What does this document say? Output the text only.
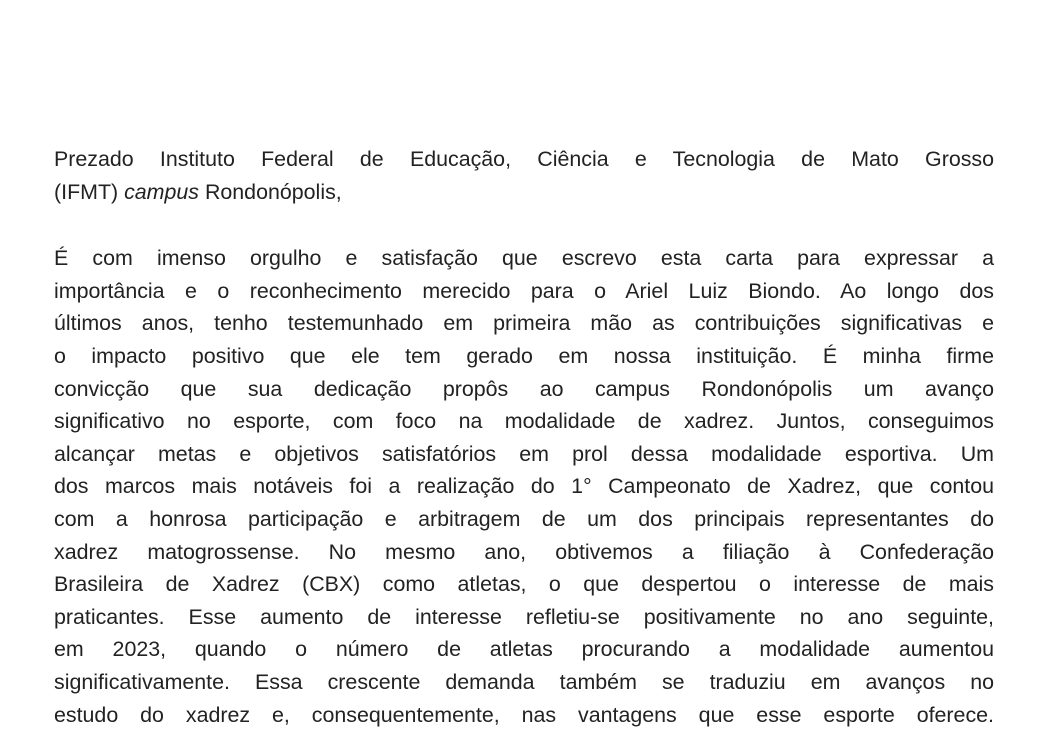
Prezado Instituto Federal de Educação, Ciência e Tecnologia de Mato Grosso
(IFMT) campus Rondonópolis,
É com imenso orgulho e satisfação que escrevo esta carta para expressar a
importância e o reconhecimento merecido para o Ariel Luiz Biondo. Ao longo dos
últimos anos, tenho testemunhado em primeira mão as contribuições significativas e
o impacto positivo que ele tem gerado em nossa instituição. É minha firme
convicção que sua dedicação propôs ao campus Rondonópolis um avanço
significativo no esporte, com foco na modalidade de xadrez. Juntos, conseguimos
alcançar metas e objetivos satisfatórios em prol dessa modalidade esportiva. Um
dos marcos mais notáveis foi a realização do 1° Campeonato de Xadrez, que contou
com a honrosa participação e arbitragem de um dos principais representantes do
xadrez matogrossense. No mesmo ano, obtivemos a filiação à Confederação
Brasileira de Xadrez (CBX) como atletas, o que despertou o interesse de mais
praticantes. Esse aumento de interesse refletiu-se positivamente no ano seguinte,
em 2023, quando o número de atletas procurando a modalidade aumentou
significativamente. Essa crescente demanda também se traduziu em avanços no
estudo do xadrez e, consequentemente, nas vantagens que esse esporte oferece.
